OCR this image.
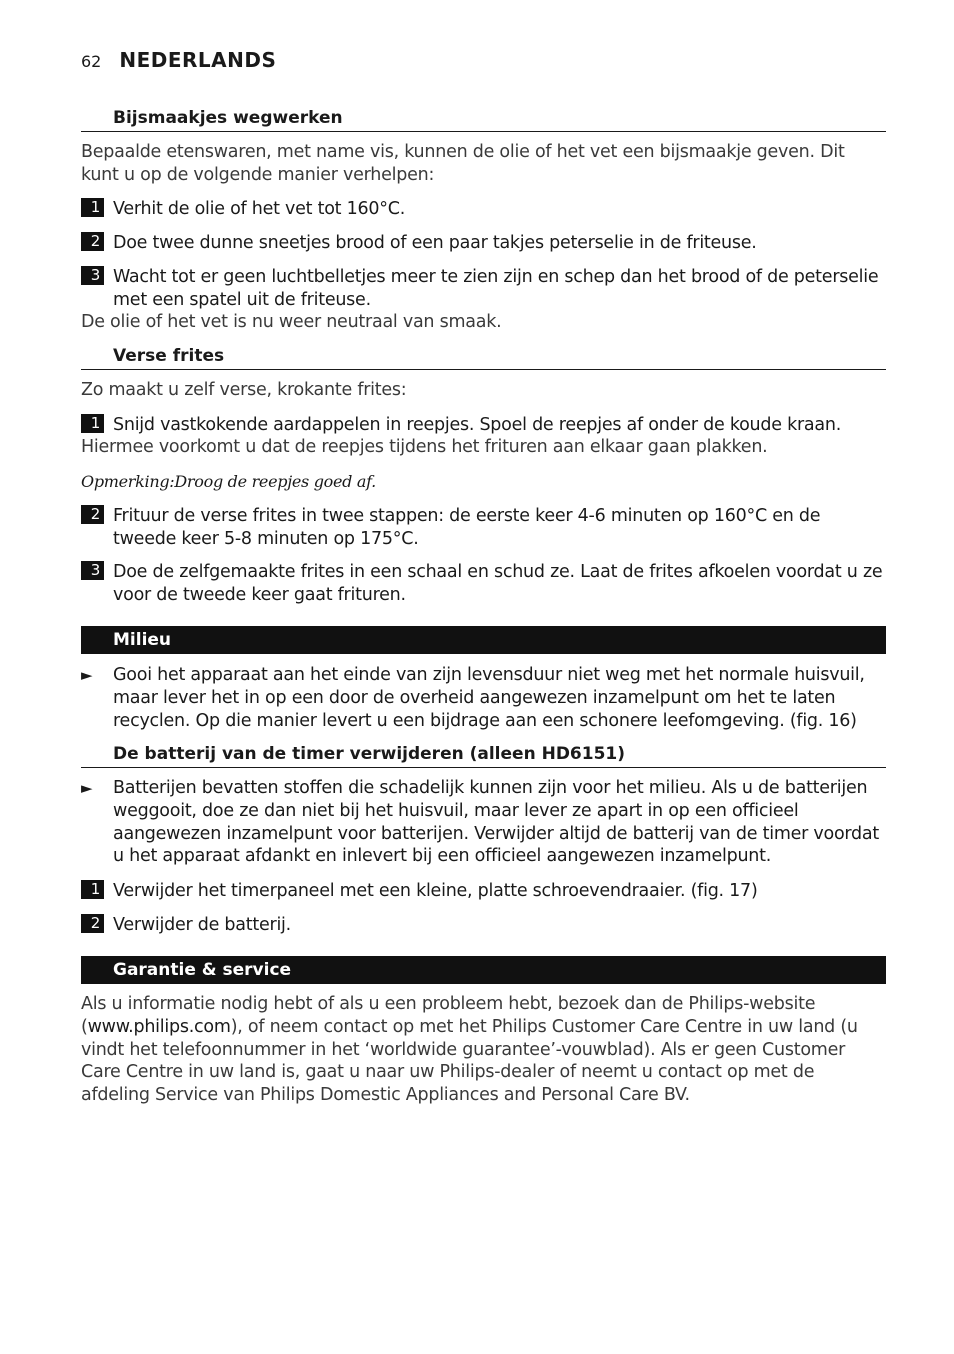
62 NEDERLANDS
Bijsmaakjes wegwerken
Bepaalde etenswaren, met name vis, kunnen de olie of het vet een bijsmaakje geven. Dit kunt u op de volgende manier verhelpen:
1 Verhit de olie of het vet tot 160°C.
2 Doe twee dunne sneetjes brood of een paar takjes peterselie in de friteuse.
3 Wacht tot er geen luchtbelletjes meer te zien zijn en schep dan het brood of de peterselie met een spatel uit de friteuse.
De olie of het vet is nu weer neutraal van smaak.
Verse frites
Zo maakt u zelf verse, krokante frites:
1 Snijd vastkokende aardappelen in reepjes. Spoel de reepjes af onder de koude kraan.
Hiermee voorkomt u dat de reepjes tijdens het frituren aan elkaar gaan plakken.
Opmerking:Droog de reepjes goed af.
2 Frituur de verse frites in twee stappen: de eerste keer 4-6 minuten op 160°C en de tweede keer 5-8 minuten op 175°C.
3 Doe de zelfgemaakte frites in een schaal en schud ze. Laat de frites afkoelen voordat u ze voor de tweede keer gaat frituren.
Milieu
► Gooi het apparaat aan het einde van zijn levensduur niet weg met het normale huisvuil, maar lever het in op een door de overheid aangewezen inzamelpunt om het te laten recyclen. Op die manier levert u een bijdrage aan een schonere leefomgeving. (fig. 16)
De batterij van de timer verwijderen (alleen HD6151)
► Batterijen bevatten stoffen die schadelijk kunnen zijn voor het milieu. Als u de batterijen weggooit, doe ze dan niet bij het huisvuil, maar lever ze apart in op een officieel aangewezen inzamelpunt voor batterijen. Verwijder altijd de batterij van de timer voordat u het apparaat afdankt en inlevert bij een officieel aangewezen inzamelpunt.
1 Verwijder het timerpaneel met een kleine, platte schroevendraaier. (fig. 17)
2 Verwijder de batterij.
Garantie & service
Als u informatie nodig hebt of als u een probleem hebt, bezoek dan de Philips-website (www.philips.com), of neem contact op met het Philips Customer Care Centre in uw land (u vindt het telefoonnummer in het ‘worldwide guarantee’-vouwblad). Als er geen Customer Care Centre in uw land is, gaat u naar uw Philips-dealer of neemt u contact op met de afdeling Service van Philips Domestic Appliances and Personal Care BV.
